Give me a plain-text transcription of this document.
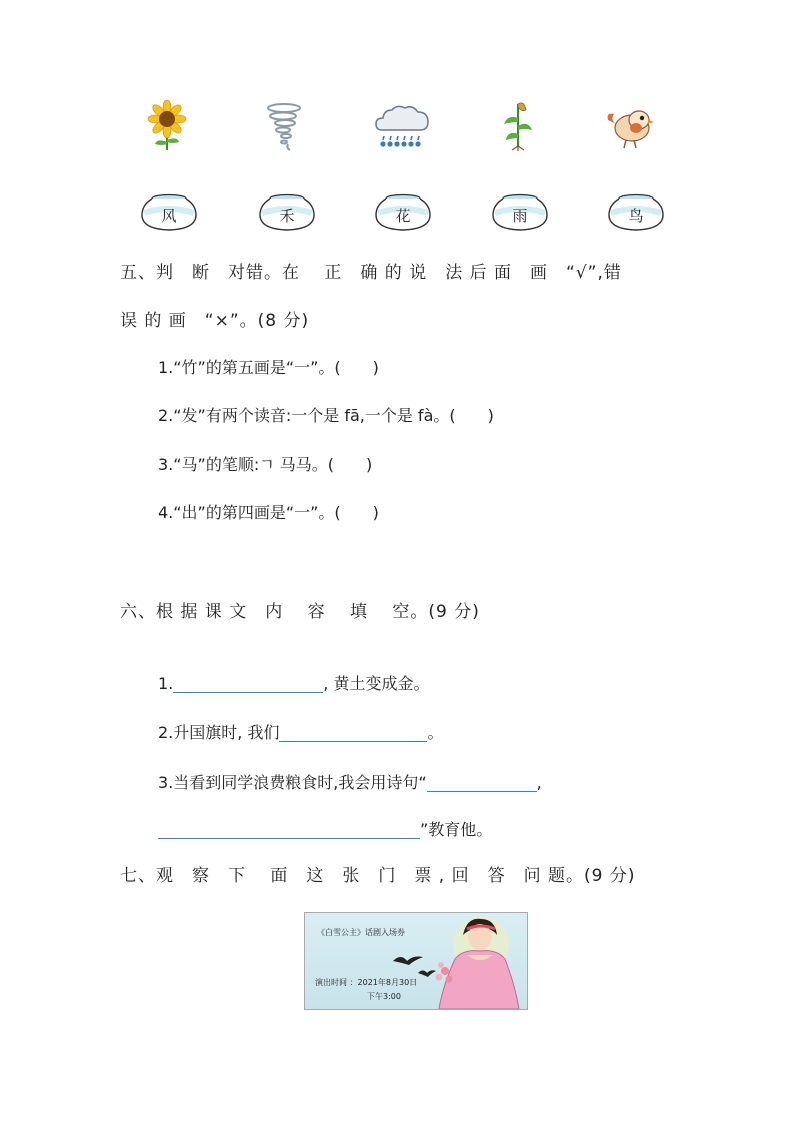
风	禾	花	雨	鸟
五、判　断　对错。在　 正　确 的 说　法 后 面　画　“√”,错
误 的 画　“×”。(8 分)
1.“竹”的第五画是“一”。(　　)
2.“发”有两个读音:一个是 fā,一个是 fà。(　　)
3.“马”的笔顺:ㄱ 马马。(　　)
4.“出”的第四画是“一”。(　　)
六、根 据 课 文　内　 容　 填　 空。(9 分)
1.	, 黄土变成金。
2.升国旗时, 我们	。
3.当看到同学浪费粮食时,我会用诗句“	,
”教育他。
七、观　察　下　 面　这　张　门　票 , 回　答　问 题。(9 分)
《白雪公主》话剧入场券
演出时间 ：2021年8月30日
下午3:00
